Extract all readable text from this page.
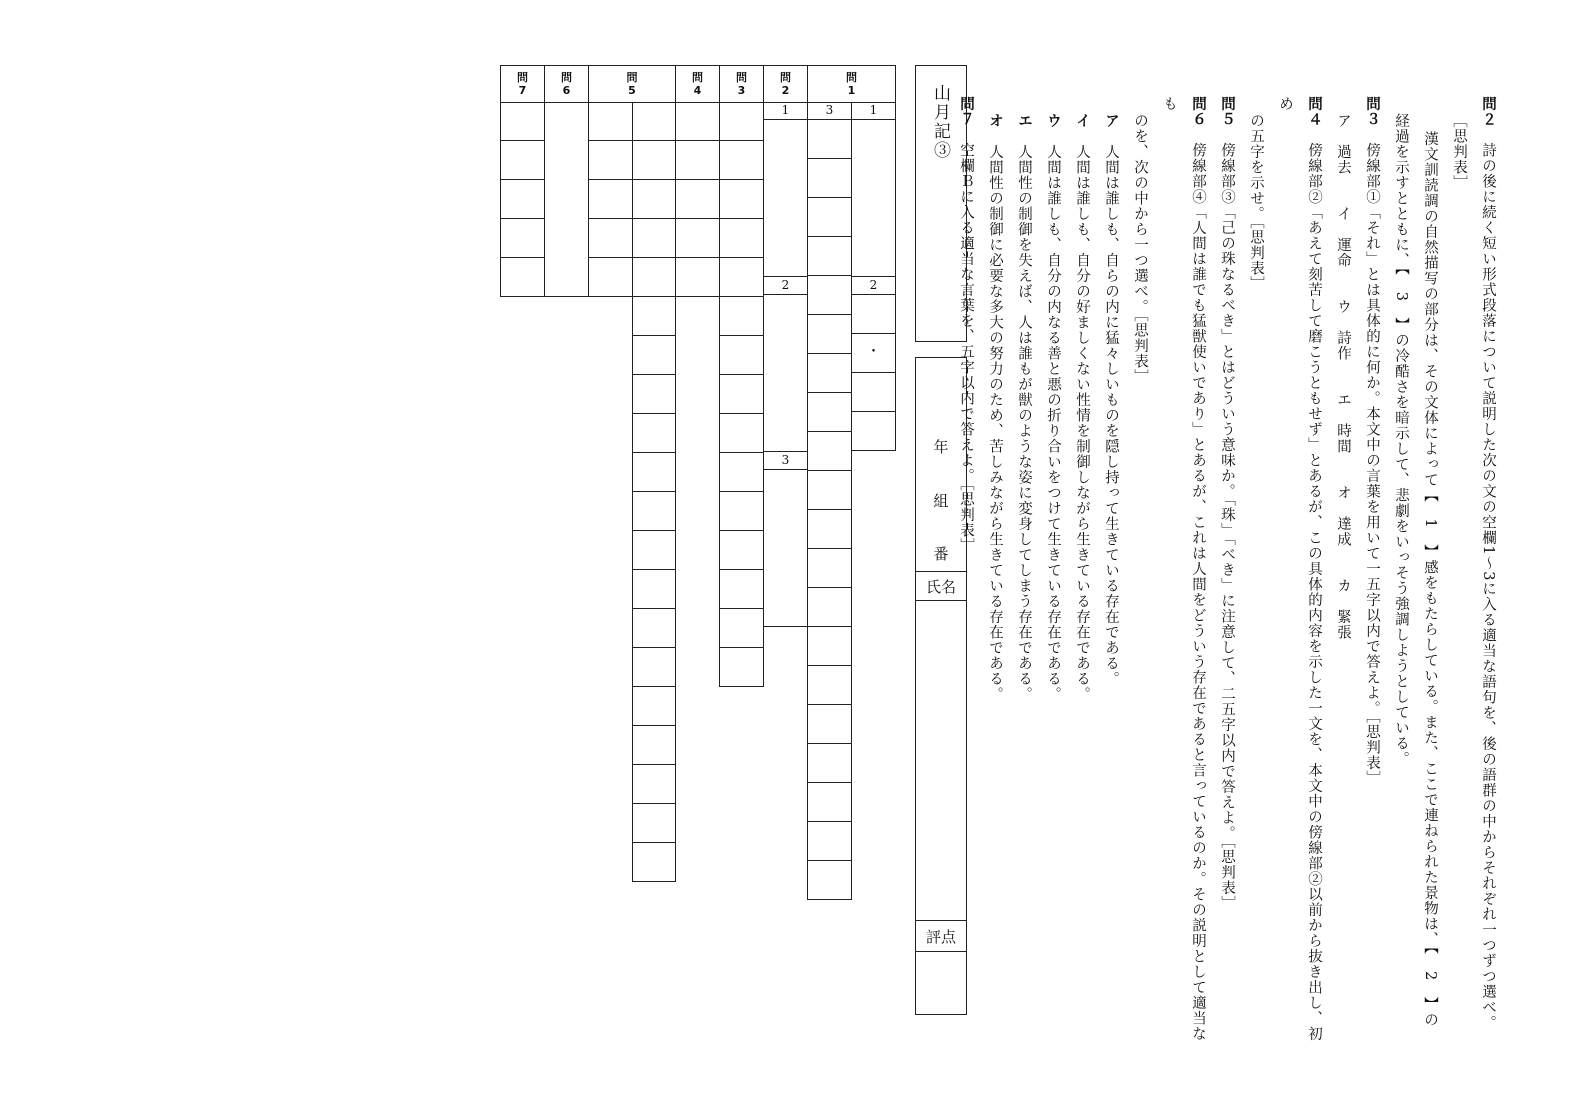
問
7
問
6
問
5
問
4
問
3
問
2
問
1
1
2
3
3	1
2
・
山月記③
年
組
番
氏名
評点

問２　詩の後に続く短い形式段落について説明した次の文の空欄1～3に入る適当な語句を、後の語群の中からそれぞれ一つずつ選べ。

［思判表］

漢文訓読調の自然描写の部分は、その文体によって【　1　】感をもたらしている。また、ここで連ねられた景物は、【　2　】の

経過を示すとともに、【　3　】の冷酷さを暗示して、悲劇をいっそう強調しようとしている。

問３　傍線部①「それ」とは具体的に何か。本文中の言葉を用いて一五字以内で答えよ。［思判表］

ア　過去　　イ　運命　　ウ　詩作　　エ　時間　　オ　達成　　カ　緊張

問４　傍線部②「あえて刻苦して磨こうともせず」とあるが、この具体的内容を示した一文を、本文中の傍線部②以前から抜き出し、初め

の五字を示せ。［思判表］

問５　傍線部③「己の珠なるべき」とはどういう意味か。「珠」「べき」に注意して、二五字以内で答えよ。［思判表］

問６　傍線部④「人間は誰でも猛獣使いであり」とあるが、これは人間をどういう存在であると言っているのか。その説明として適当なも

のを、次の中から一つ選べ。［思判表］

ア　人間は誰しも、自らの内に猛々しいものを隠し持って生きている存在である。

イ　人間は誰しも、自分の好ましくない性情を制御しながら生きている存在である。

ウ　人間は誰しも、自分の内なる善と悪の折り合いをつけて生きている存在である。

エ　人間性の制御を失えば、人は誰もが獣のような姿に変身してしまう存在である。

オ　人間性の制御に必要な多大の努力のため、苦しみながら生きている存在である。

問７　空欄Ｂに入る適当な言葉を、五字以内で答えよ。［思判表］
